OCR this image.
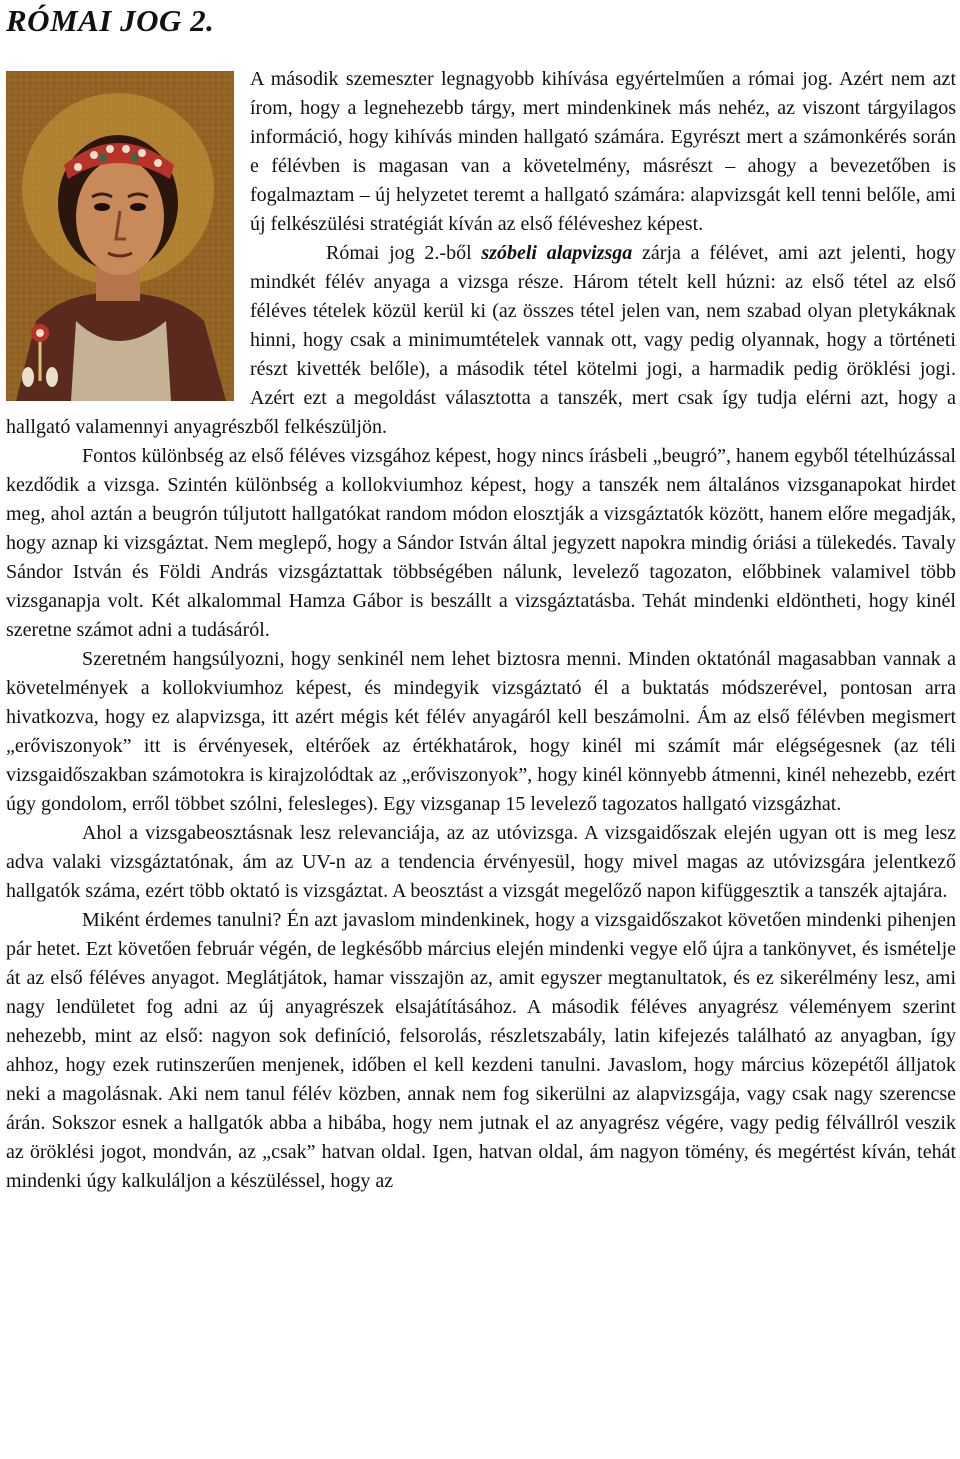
RÓMAI JOG 2.

A második szemeszter legnagyobb kihívása egyértelműen a római jog. Azért nem azt írom, hogy a legnehezebb tárgy, mert mindenkinek más nehéz, az viszont tárgyilagos információ, hogy kihívás minden hallgató számára. Egyrészt mert a számonkérés során e félévben is magasan van a követelmény, másrészt – ahogy a bevezetőben is fogalmaztam – új helyzetet teremt a hallgató számára: alapvizsgát kell tenni belőle, ami új felkészülési stratégiát kíván az első féléveshez képest.

Római jog 2.-ből szóbeli alapvizsga zárja a félévet, ami azt jelenti, hogy mindkét félév anyaga a vizsga része. Három tételt kell húzni: az első tétel az első féléves tételek közül kerül ki (az összes tétel jelen van, nem szabad olyan pletykáknak hinni, hogy csak a minimumtételek vannak ott, vagy pedig olyannak, hogy a történeti részt kivették belőle), a második tétel kötelmi jogi, a harmadik pedig öröklési jogi. Azért ezt a megoldást választotta a tanszék, mert csak így tudja elérni azt, hogy a hallgató valamennyi anyagrészből felkészüljön.

Fontos különbség az első féléves vizsgához képest, hogy nincs írásbeli „beugró”, hanem egyből tételhúzással kezdődik a vizsga. Szintén különbség a kollokviumhoz képest, hogy a tanszék nem általános vizsganapokat hirdet meg, ahol aztán a beugrón túljutott hallgatókat random módon elosztják a vizsgáztatók között, hanem előre megadják, hogy aznap ki vizsgáztat. Nem meglepő, hogy a Sándor István által jegyzett napokra mindig óriási a tülekedés. Tavaly Sándor István és Földi András vizsgáztattak többségében nálunk, levelező tagozaton, előbbinek valamivel több vizsganapja volt. Két alkalommal Hamza Gábor is beszállt a vizsgáztatásba. Tehát mindenki eldöntheti, hogy kinél szeretne számot adni a tudásáról.

Szeretném hangsúlyozni, hogy senkinél nem lehet biztosra menni. Minden oktatónál magasabban vannak a követelmények a kollokviumhoz képest, és mindegyik vizsgáztató él a buktatás módszerével, pontosan arra hivatkozva, hogy ez alapvizsga, itt azért mégis két félév anyagáról kell beszámolni. Ám az első félévben megismert „erőviszonyok” itt is érvényesek, eltérőek az értékhatárok, hogy kinél mi számít már elégségesnek (az téli vizsgaidőszakban számotokra is kirajzolódtak az „erőviszonyok”, hogy kinél könnyebb átmenni, kinél nehezebb, ezért úgy gondolom, erről többet szólni, felesleges). Egy vizsganap 15 levelező tagozatos hallgató vizsgázhat.

Ahol a vizsgabeosztásnak lesz relevanciája, az az utóvizsga. A vizsgaidőszak elején ugyan ott is meg lesz adva valaki vizsgáztatónak, ám az UV-n az a tendencia érvényesül, hogy mivel magas az utóvizsgára jelentkező hallgatók száma, ezért több oktató is vizsgáztat. A beosztást a vizsgát megelőző napon kifüggesztik a tanszék ajtajára.

Miként érdemes tanulni? Én azt javaslom mindenkinek, hogy a vizsgaidőszakot követően mindenki pihenjen pár hetet. Ezt követően február végén, de legkésőbb március elején mindenki vegye elő újra a tankönyvet, és ismételje át az első féléves anyagot. Meglátjátok, hamar visszajön az, amit egyszer megtanultatok, és ez sikerélmény lesz, ami nagy lendületet fog adni az új anyagrészek elsajátításához. A második féléves anyagrész véleményem szerint nehezebb, mint az első: nagyon sok definíció, felsorolás, részletszabály, latin kifejezés található az anyagban, így ahhoz, hogy ezek rutinszerűen menjenek, időben el kell kezdeni tanulni. Javaslom, hogy március közepétől álljatok neki a magolásnak. Aki nem tanul félév közben, annak nem fog sikerülni az alapvizsgája, vagy csak nagy szerencse árán. Sokszor esnek a hallgatók abba a hibába, hogy nem jutnak el az anyagrész végére, vagy pedig félvállról veszik az öröklési jogot, mondván, az „csak” hatvan oldal. Igen, hatvan oldal, ám nagyon tömény, és megértést kíván, tehát mindenki úgy kalkuláljon a készüléssel, hogy az
